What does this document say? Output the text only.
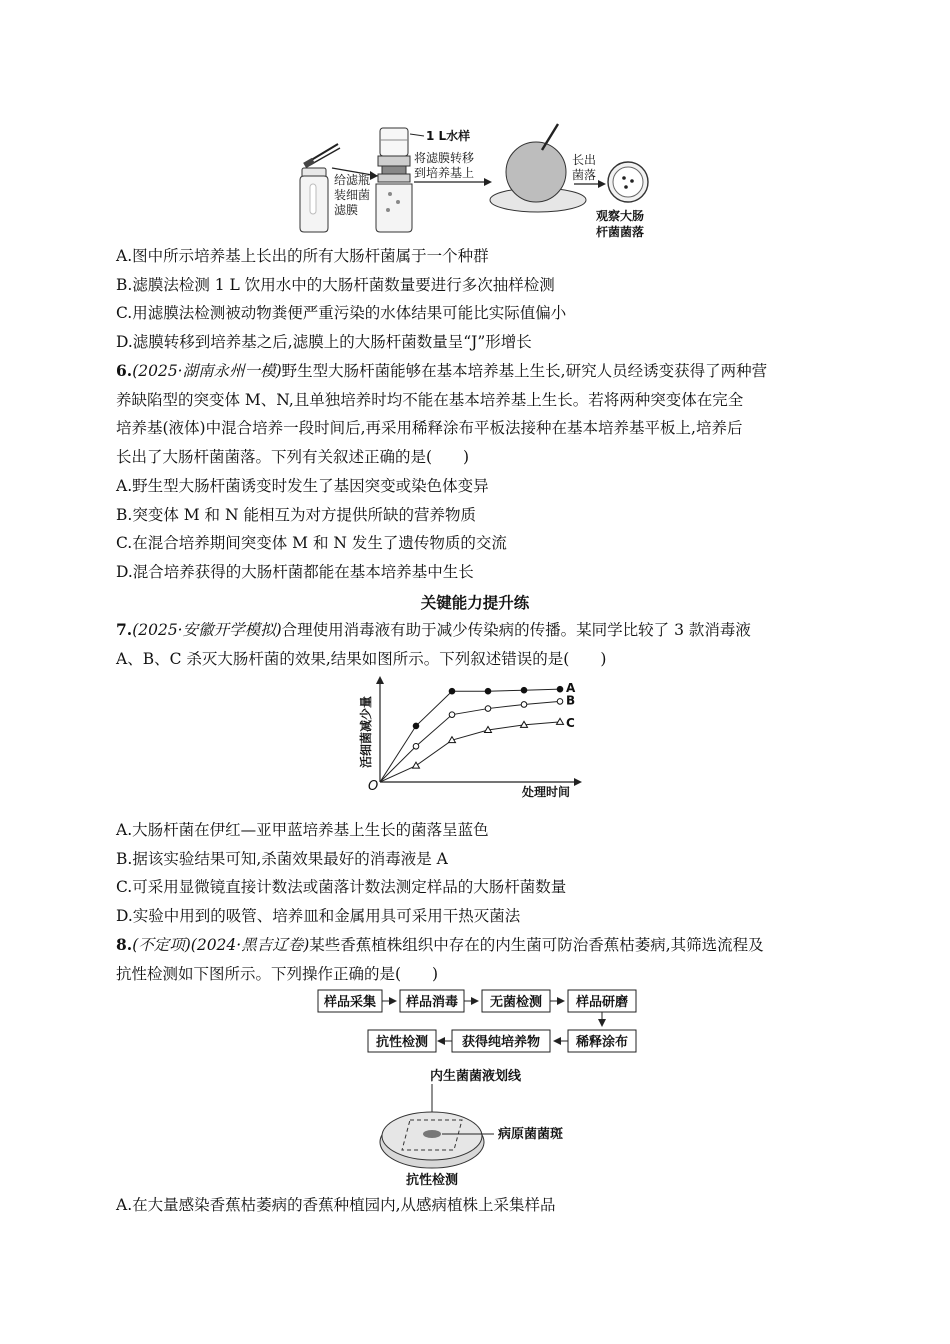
给滤瓶
装细菌
滤膜
1 L水样
将滤膜转移
到培养基上
长出
菌落
观察大肠
杆菌菌落
A.图中所示培养基上长出的所有大肠杆菌属于一个种群
B.滤膜法检测 1 L 饮用水中的大肠杆菌数量要进行多次抽样检测
C.用滤膜法检测被动物粪便严重污染的水体结果可能比实际值偏小
D.滤膜转移到培养基之后,滤膜上的大肠杆菌数量呈“J”形增长
6.(2025·湖南永州一模)野生型大肠杆菌能够在基本培养基上生长,研究人员经诱变获得了两种营
养缺陷型的突变体 M、N,且单独培养时均不能在基本培养基上生长。若将两种突变体在完全
培养基(液体)中混合培养一段时间后,再采用稀释涂布平板法接种在基本培养基平板上,培养后
长出了大肠杆菌菌落。下列有关叙述正确的是(　　)
A.野生型大肠杆菌诱变时发生了基因突变或染色体变异
B.突变体 M 和 N 能相互为对方提供所缺的营养物质
C.在混合培养期间突变体 M 和 N 发生了遗传物质的交流
D.混合培养获得的大肠杆菌都能在基本培养基中生长
关键能力提升练
7.(2025·安徽开学模拟)合理使用消毒液有助于减少传染病的传播。某同学比较了 3 款消毒液
A、B、C 杀灭大肠杆菌的效果,结果如图所示。下列叙述错误的是(　　)
O	处理时间
活细菌减少量
A
B
C
A.大肠杆菌在伊红—亚甲蓝培养基上生长的菌落呈蓝色
B.据该实验结果可知,杀菌效果最好的消毒液是 A
C.可采用显微镜直接计数法或菌落计数法测定样品的大肠杆菌数量
D.实验中用到的吸管、培养皿和金属用具可采用干热灭菌法
8.(不定项)(2024·黑吉辽卷)某些香蕉植株组织中存在的内生菌可防治香蕉枯萎病,其筛选流程及
抗性检测如下图所示。下列操作正确的是(　　)
样品采集 样品消毒 无菌检测	样品研磨
稀释涂布
获得纯培养物
抗性检测
内生菌菌液划线
病原菌菌斑
抗性检测
A.在大量感染香蕉枯萎病的香蕉种植园内,从感病植株上采集样品
